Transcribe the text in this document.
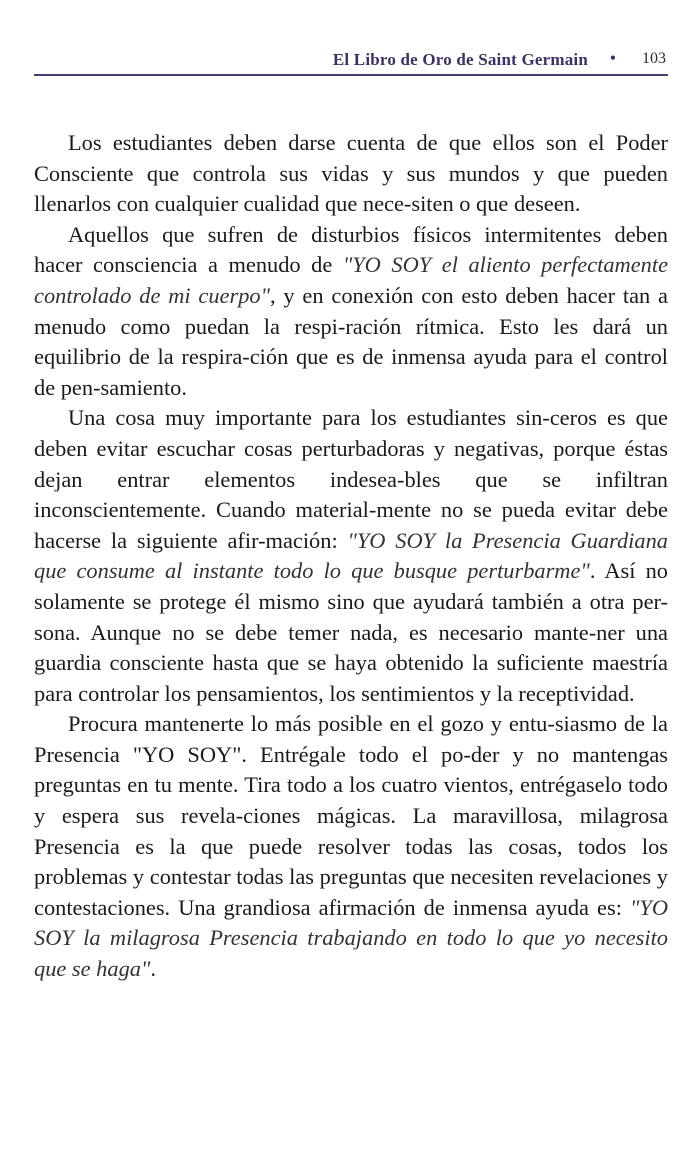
El Libro de Oro de Saint Germain • 103

Los estudiantes deben darse cuenta de que ellos son el Poder Consciente que controla sus vidas y sus mundos y que pueden llenarlos con cualquier cualidad que nece-siten o que deseen.

Aquellos que sufren de disturbios físicos intermitentes deben hacer consciencia a menudo de "YO SOY el aliento perfectamente controlado de mi cuerpo", y en conexión con esto deben hacer tan a menudo como puedan la respi-ración rítmica. Esto les dará un equilibrio de la respira-ción que es de inmensa ayuda para el control de pen-samiento.

Una cosa muy importante para los estudiantes sin-ceros es que deben evitar escuchar cosas perturbadoras y negativas, porque éstas dejan entrar elementos indesea-bles que se infiltran inconscientemente. Cuando material-mente no se pueda evitar debe hacerse la siguiente afir-mación: "YO SOY la Presencia Guardiana que consume al instante todo lo que busque perturbarme". Así no solamente se protege él mismo sino que ayudará también a otra per-sona. Aunque no se debe temer nada, es necesario mante-ner una guardia consciente hasta que se haya obtenido la suficiente maestría para controlar los pensamientos, los sentimientos y la receptividad.

Procura mantenerte lo más posible en el gozo y entu-siasmo de la Presencia "YO SOY". Entrégale todo el po-der y no mantengas preguntas en tu mente. Tira todo a los cuatro vientos, entrégaselo todo y espera sus revela-ciones mágicas. La maravillosa, milagrosa Presencia es la que puede resolver todas las cosas, todos los problemas y contestar todas las preguntas que necesiten revelaciones y contestaciones. Una grandiosa afirmación de inmensa ayuda es: "YO SOY la milagrosa Presencia trabajando en todo lo que yo necesito que se haga".
